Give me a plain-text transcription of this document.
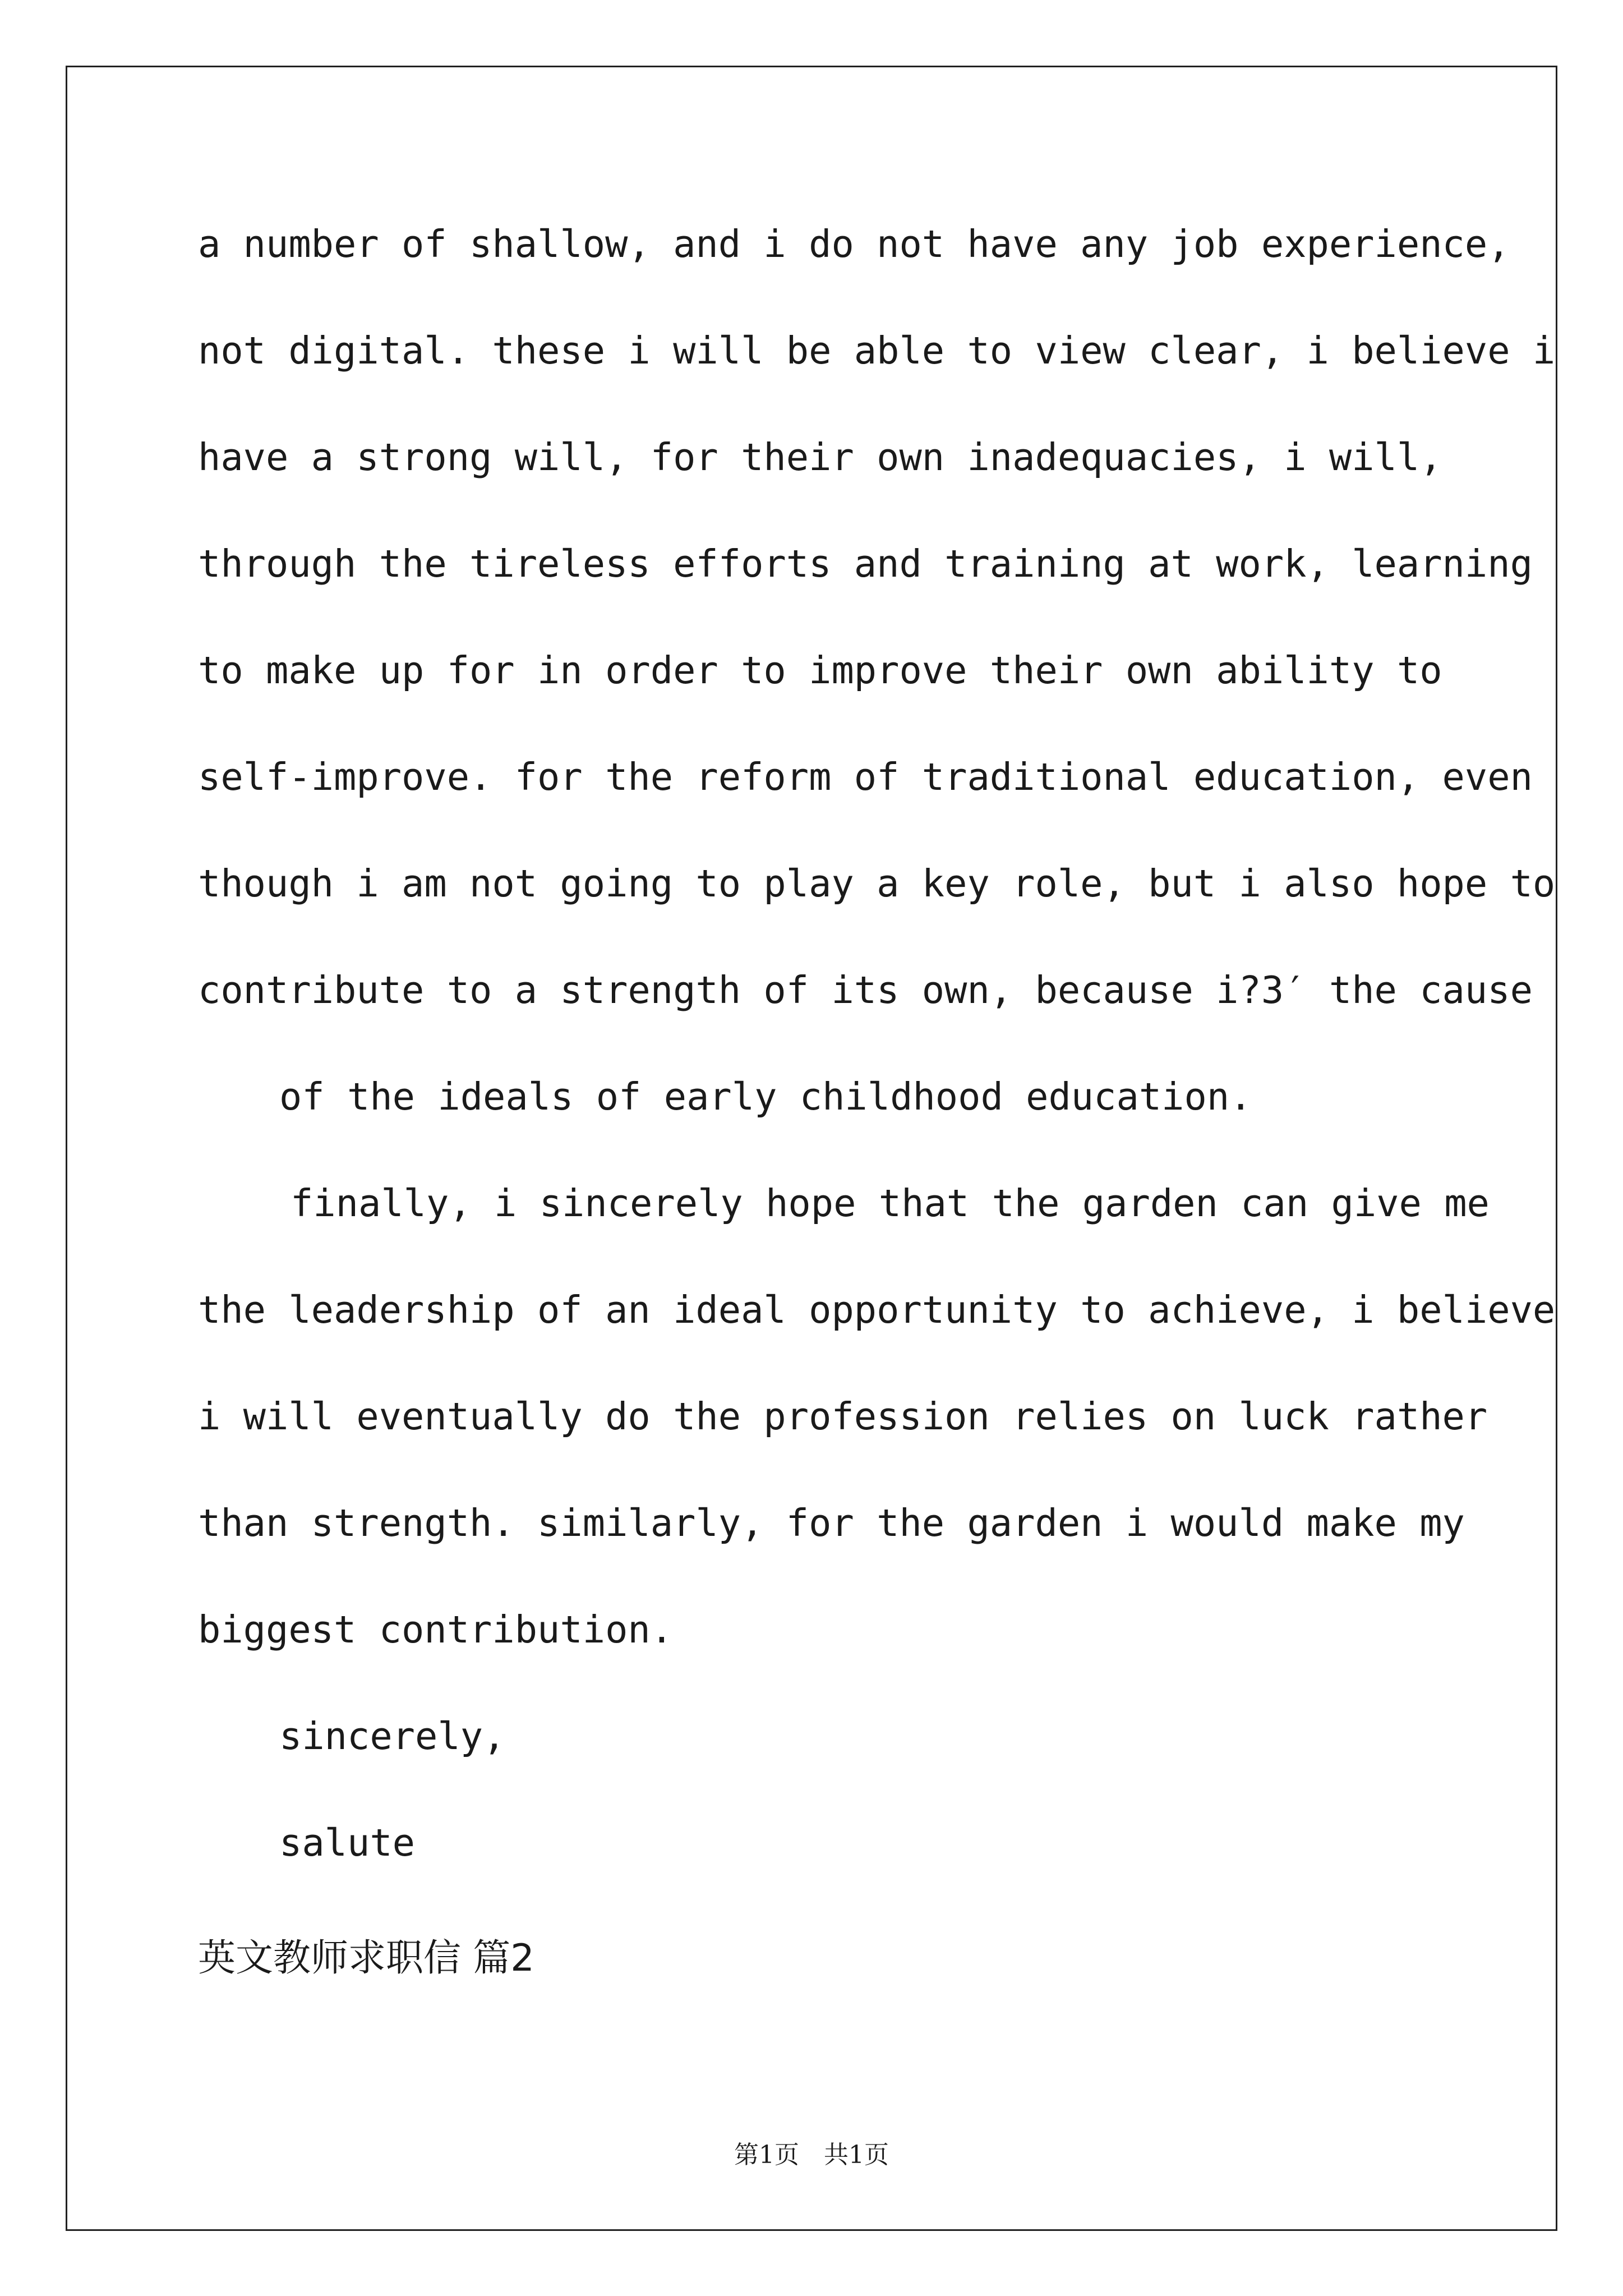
a number of shallow, and i do not have any job experience,
not digital. these i will be able to view clear, i believe i
have a strong will, for their own inadequacies, i will,
through the tireless efforts and training at work, learning
to make up for in order to improve their own ability to
self-improve. for the reform of traditional education, even
though i am not going to play a key role, but i also hope to
contribute to a strength of its own, because i?3′ the cause
of the ideals of early childhood education.
finally, i sincerely hope that the garden can give me
the leadership of an ideal opportunity to achieve, i believe
i will eventually do the profession relies on luck rather
than strength. similarly, for the garden i would make my
biggest contribution.
sincerely,
salute
英文教师求职信 篇2
第1页　共1页
